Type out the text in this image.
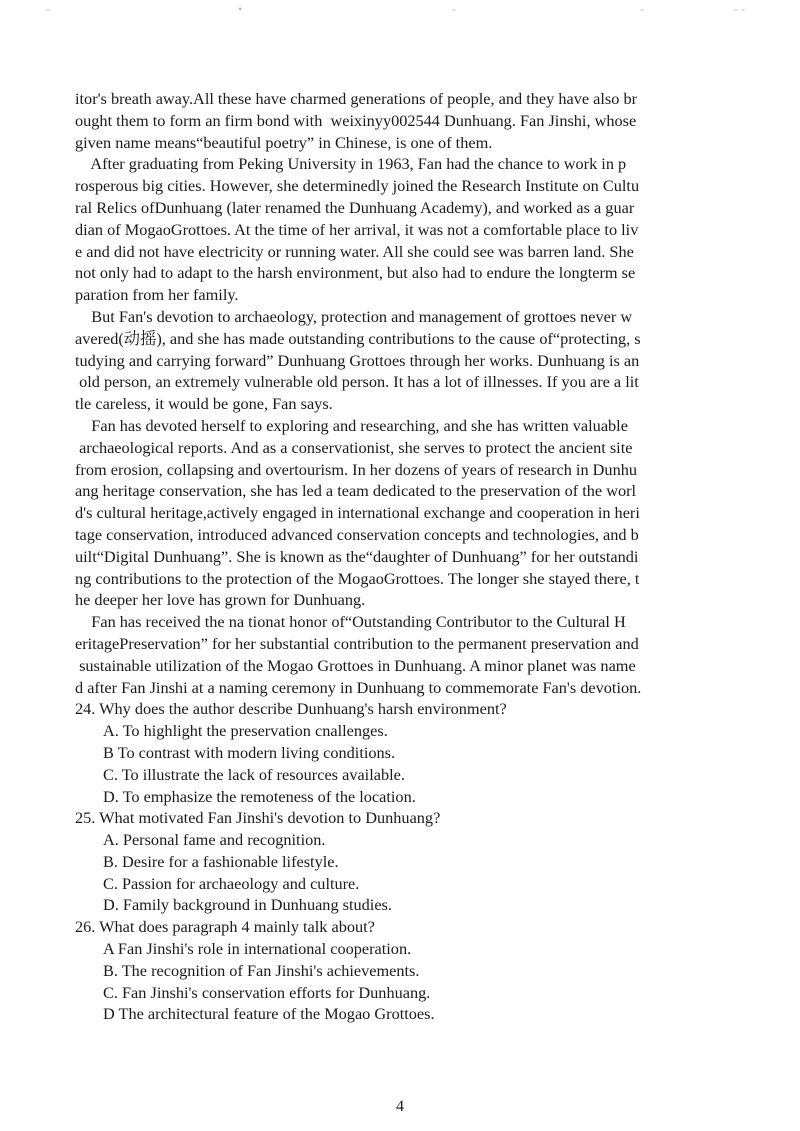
-	•	-	-	- -
itor's breath away.All these have charmed generations of people, and they have also br
ought them to form an firm bond with  weixinyy002544 Dunhuang. Fan Jinshi, whose
given name means“beautiful poetry” in Chinese, is one of them.
After graduating from Peking University in 1963, Fan had the chance to work in p
rosperous big cities. However, she determinedly joined the Research Institute on Cultu
ral Relics ofDunhuang (later renamed the Dunhuang Academy), and worked as a guar
dian of MogaoGrottoes. At the time of her arrival, it was not a comfortable place to liv
e and did not have electricity or running water. All she could see was barren land. She
not only had to adapt to the harsh environment, but also had to endure the longterm se
paration from her family.
But Fan's devotion to archaeology, protection and management of grottoes never w
avered(动摇), and she has made outstanding contributions to the cause of“protecting, s
tudying and carrying forward” Dunhuang Grottoes through her works. Dunhuang is an
old person, an extremely vulnerable old person. It has a lot of illnesses. If you are a lit
tle careless, it would be gone, Fan says.
Fan has devoted herself to exploring and researching, and she has written valuable
archaeological reports. And as a conservationist, she serves to protect the ancient site
from erosion, collapsing and overtourism. In her dozens of years of research in Dunhu
ang heritage conservation, she has led a team dedicated to the preservation of the worl
d's cultural heritage,actively engaged in international exchange and cooperation in heri
tage conservation, introduced advanced conservation concepts and technologies, and b
uilt“Digital Dunhuang”. She is known as the“daughter of Dunhuang” for her outstandi
ng contributions to the protection of the MogaoGrottoes. The longer she stayed there, t
he deeper her love has grown for Dunhuang.
Fan has received the na tionat honor of“Outstanding Contributor to the Cultural H
eritagePreservation” for her substantial contribution to the permanent preservation and
sustainable utilization of the Mogao Grottoes in Dunhuang. A minor planet was name
d after Fan Jinshi at a naming ceremony in Dunhuang to commemorate Fan's devotion.
24. Why does the author describe Dunhuang's harsh environment?
A. To highlight the preservation cnallenges.
B To contrast with modern living conditions.
C. To illustrate the lack of resources available.
D. To emphasize the remoteness of the location.
25. What motivated Fan Jinshi's devotion to Dunhuang?
A. Personal fame and recognition.
B. Desire for a fashionable lifestyle.
C. Passion for archaeology and culture.
D. Family background in Dunhuang studies.
26. What does paragraph 4 mainly talk about?
A Fan Jinshi's role in international cooperation.
B. The recognition of Fan Jinshi's achievements.
C. Fan Jinshi's conservation efforts for Dunhuang.
D The architectural feature of the Mogao Grottoes.
4
